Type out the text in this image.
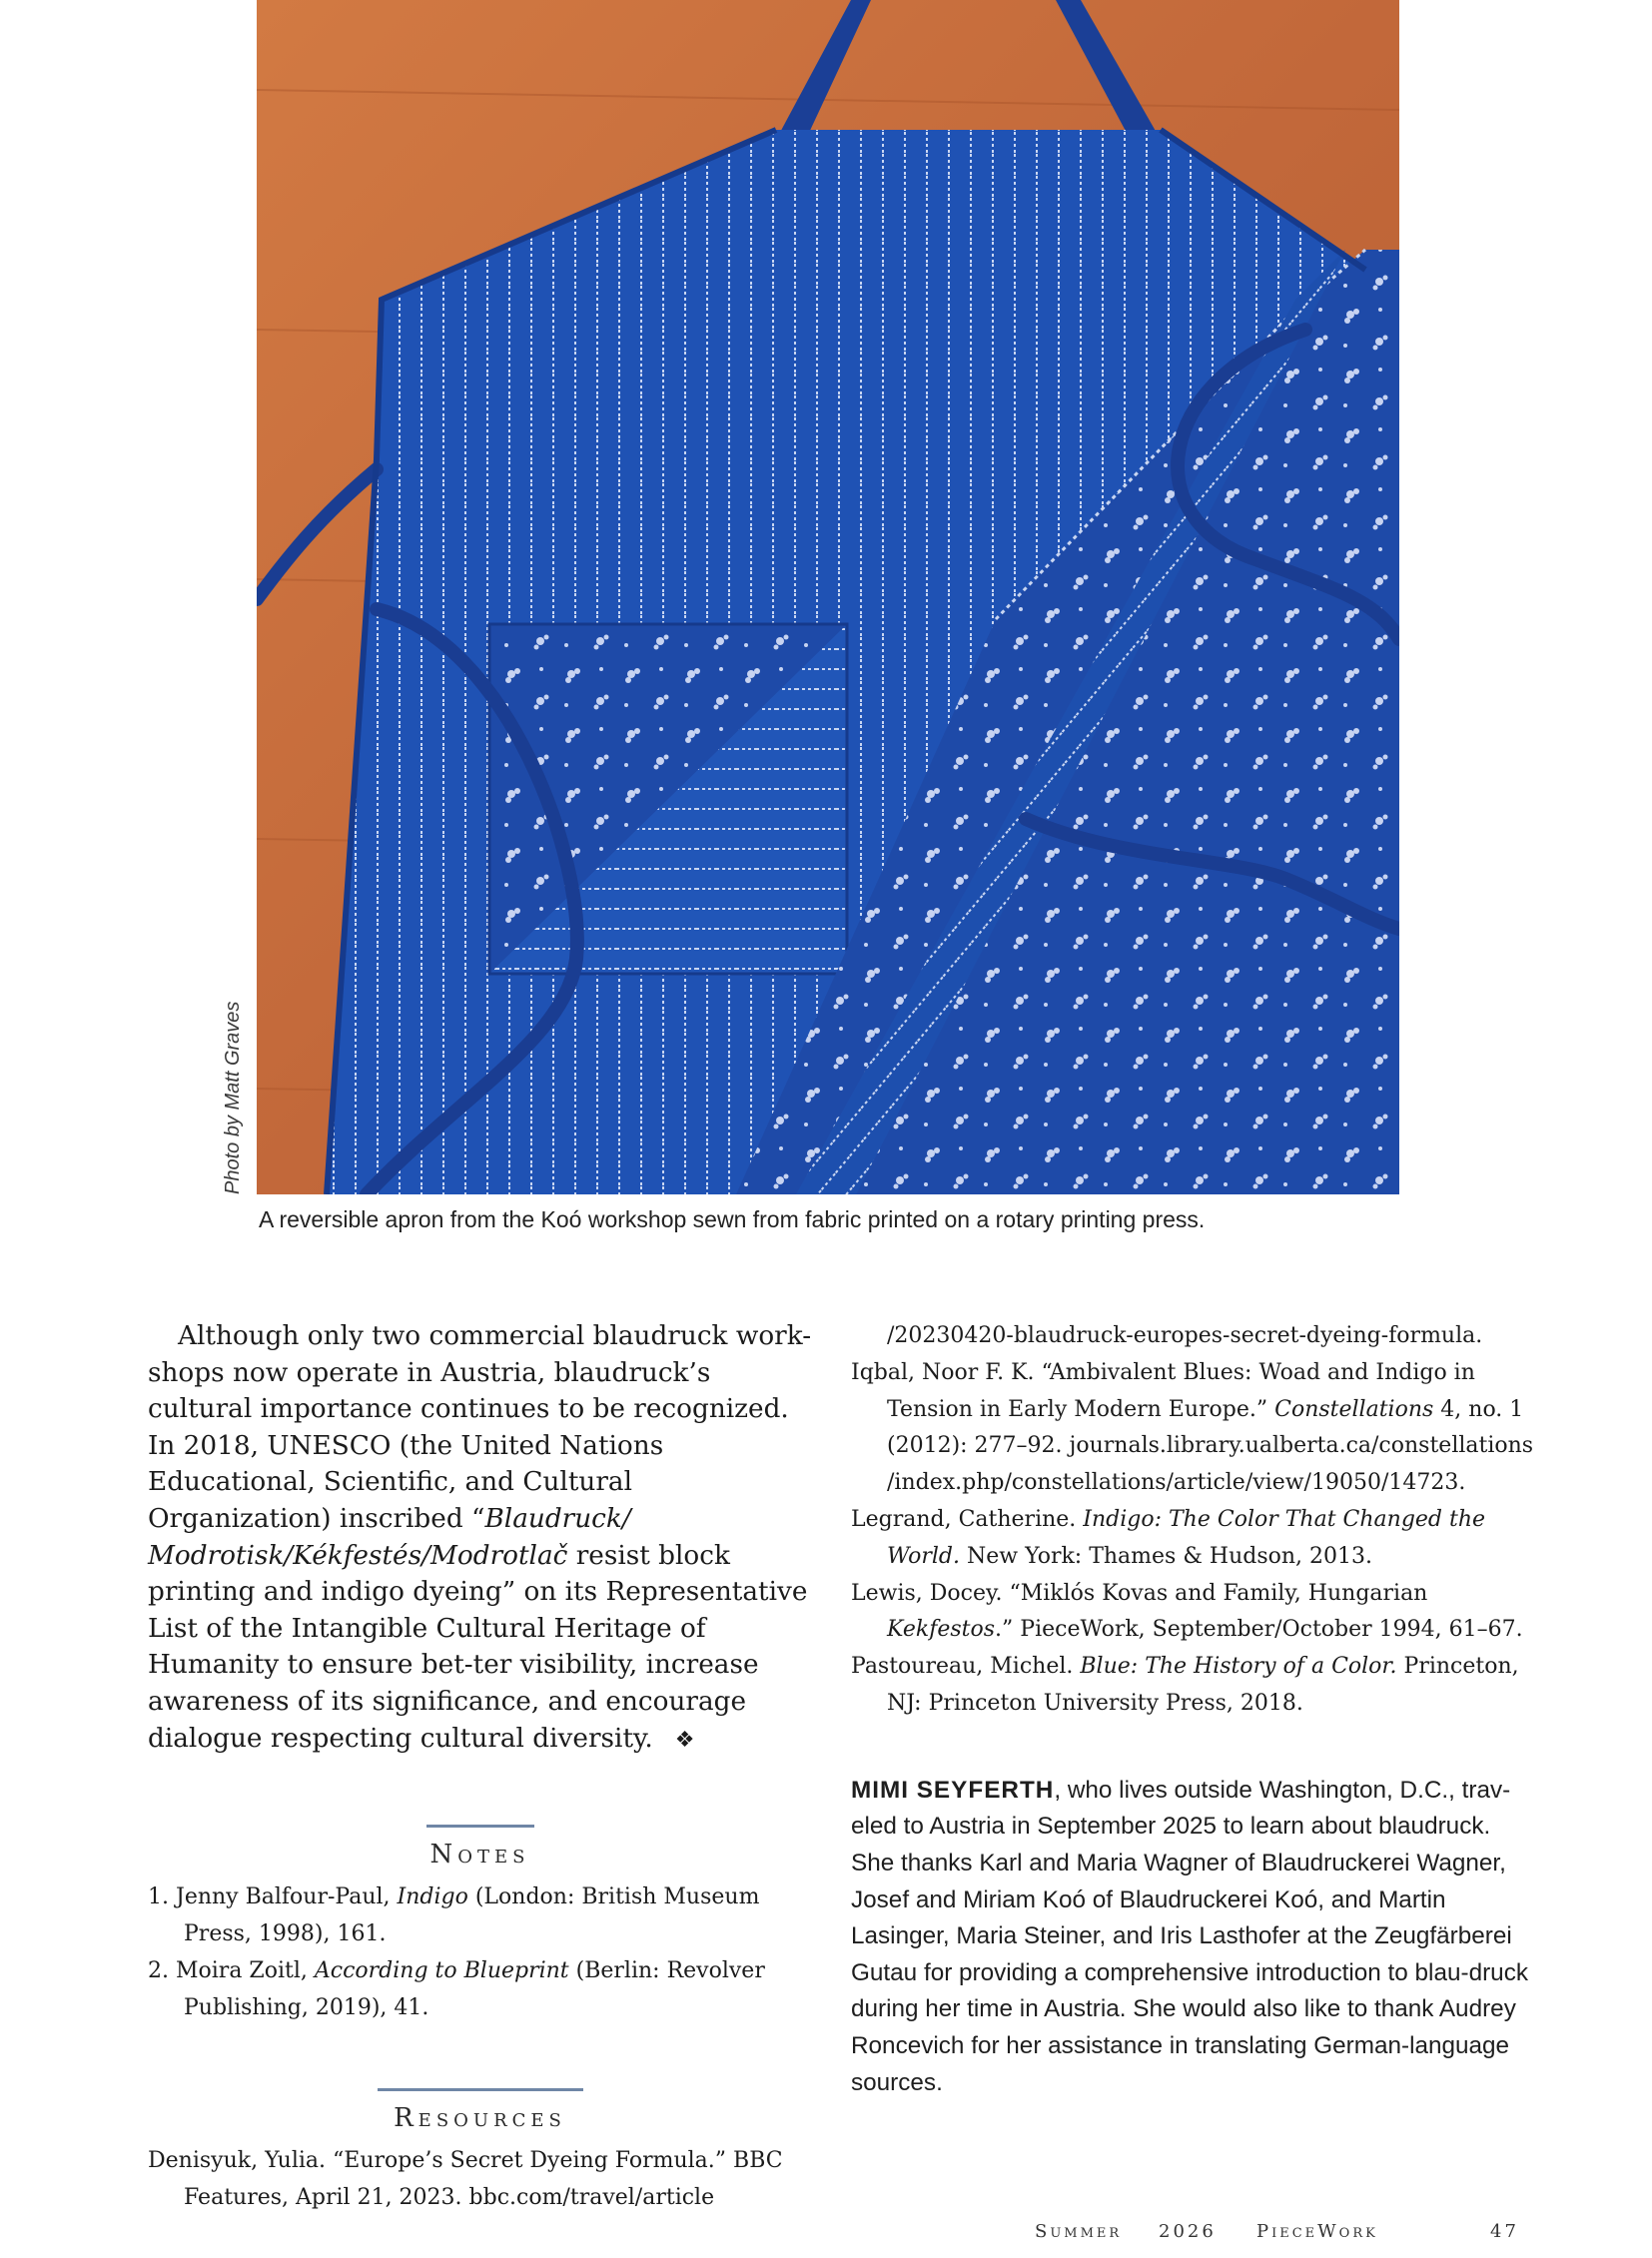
Photo by Matt Graves
A reversible apron from the Koó workshop sewn from fabric printed on a rotary printing press.

Although only two commercial blaudruck work-shops now operate in Austria, blaudruck’s cultural importance continues to be recognized. In 2018, UNESCO (the United Nations Educational, Scientific, and Cultural Organization) inscribed “Blaudruck/ Modrotisk/Kékfestés/Modrotlač resist block printing and indigo dyeing” on its Representative List of the Intangible Cultural Heritage of Humanity to ensure bet-ter visibility, increase awareness of its significance, and encourage dialogue respecting cultural diversity. ❖

Notes
1. Jenny Balfour-Paul, Indigo (London: British Museum Press, 1998), 161.
2. Moira Zoitl, According to Blueprint (Berlin: Revolver Publishing, 2019), 41.
Resources

Denisyuk, Yulia. “Europe’s Secret Dyeing Formula.” BBC Features, April 21, 2023. bbc.com/travel/article

/20230420-blaudruck-europes-secret-dyeing-formula.

Iqbal, Noor F. K. “Ambivalent Blues: Woad and Indigo in Tension in Early Modern Europe.” Constellations 4, no. 1 (2012): 277–92. journals.library.ualberta.ca/constellations /index.php/constellations/article/view/19050/14723.

Legrand, Catherine. Indigo: The Color That Changed the World. New York: Thames & Hudson, 2013.

Lewis, Docey. “Miklós Kovas and Family, Hungarian Kekfestos.” PieceWork, September/October 1994, 61–67.

Pastoureau, Michel. Blue: The History of a Color. Princeton, NJ: Princeton University Press, 2018.

MIMI SEYFERTH, who lives outside Washington, D.C., trav-eled to Austria in September 2025 to learn about blaudruck. She thanks Karl and Maria Wagner of Blaudruckerei Wagner, Josef and Miriam Koó of Blaudruckerei Koó, and Martin Lasinger, Maria Steiner, and Iris Lasthofer at the Zeugfärberei Gutau for providing a comprehensive introduction to blau-druck during her time in Austria. She would also like to thank Audrey Roncevich for her assistance in translating German-language sources.

Summer 2026 PieceWork	47
